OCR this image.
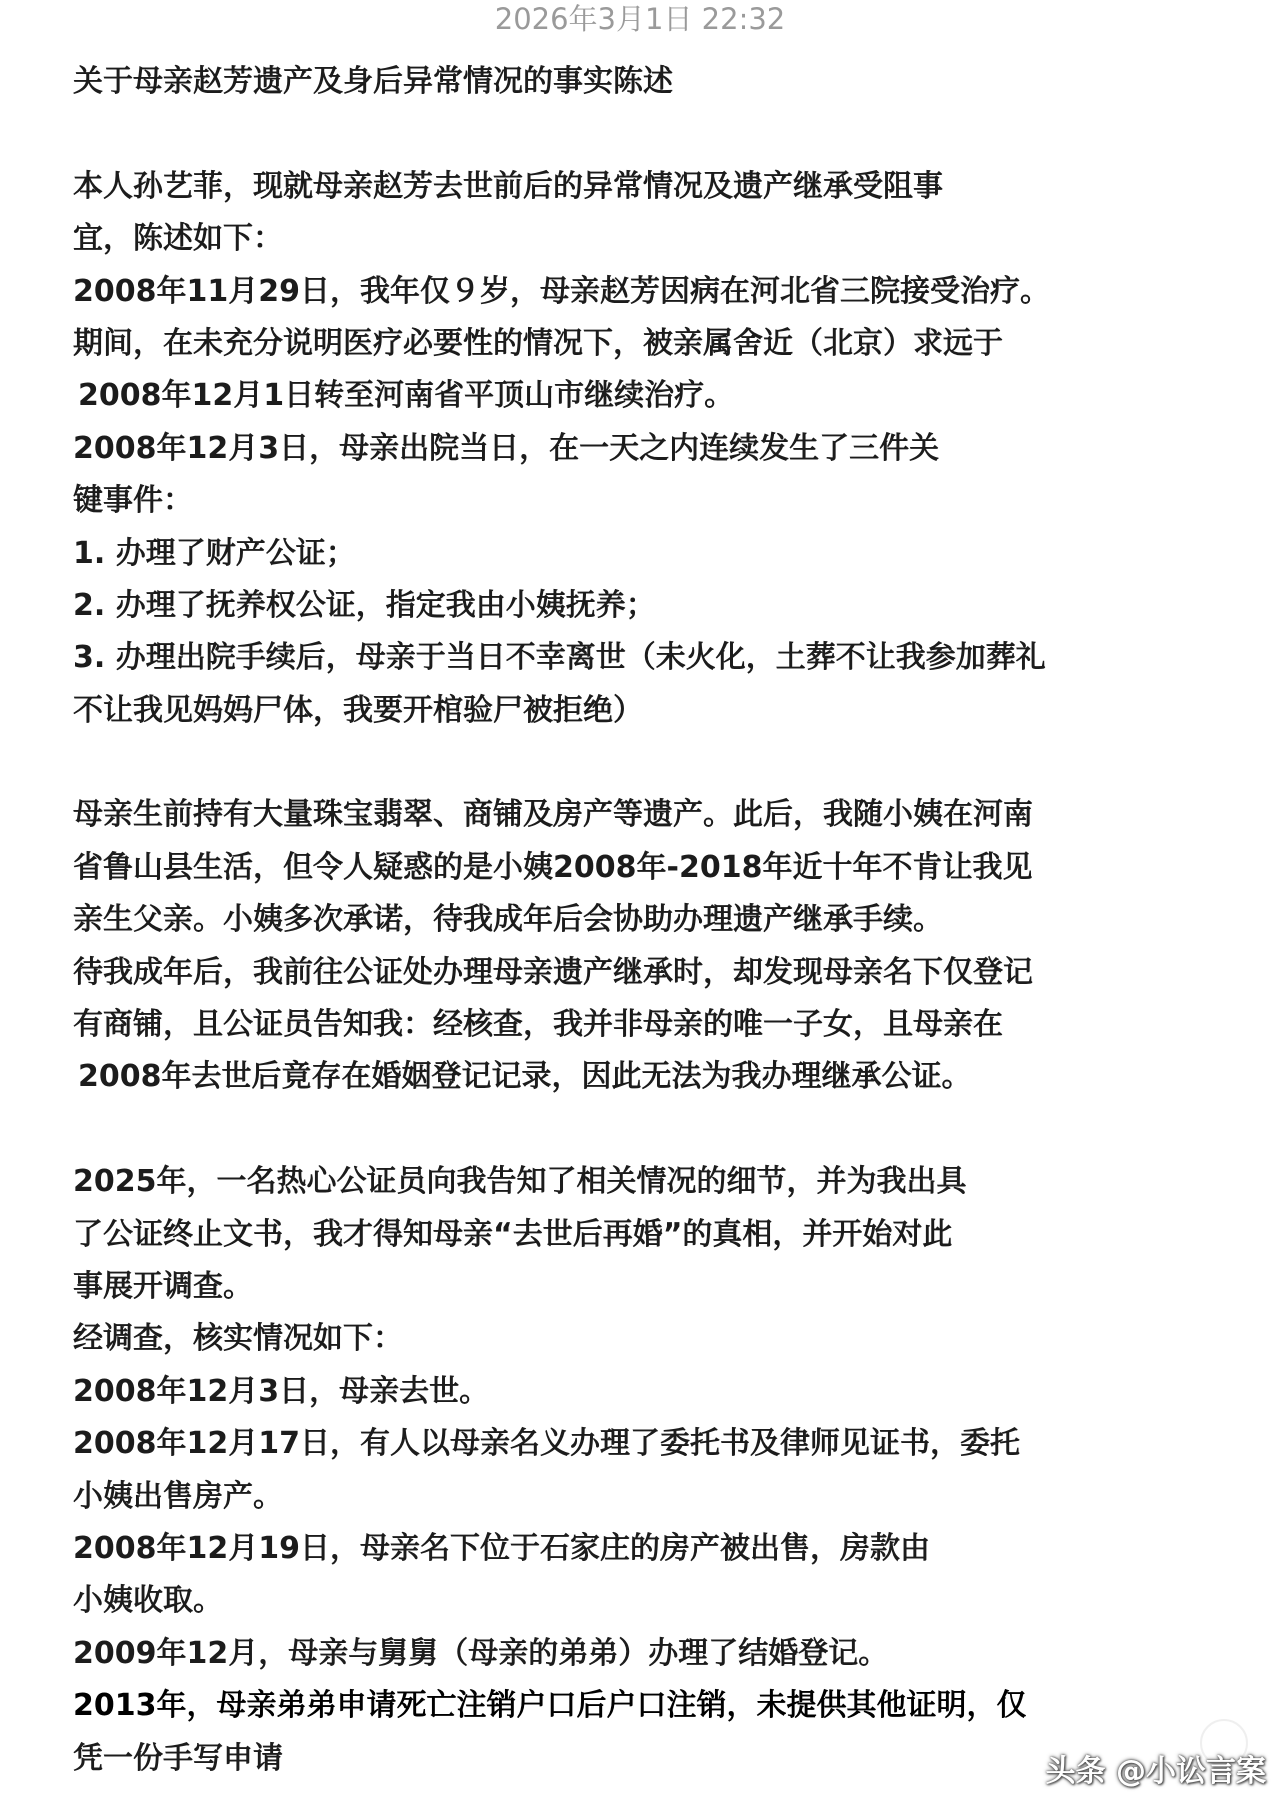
2026年3月1日 22:32
关于母亲赵芳遗产及身后异常情况的事实陈述
本人孙艺菲，现就母亲赵芳去世前后的异常情况及遗产继承受阻事
宜，陈述如下：
2008年11月29日，我年仅９岁，母亲赵芳因病在河北省三院接受治疗。
期间，在未充分说明医疗必要性的情况下，被亲属舍近（北京）求远于
2008年12月1日转至河南省平顶山市继续治疗。
2008年12月3日，母亲出院当日，在一天之内连续发生了三件关
键事件：
1. 办理了财产公证；
2. 办理了抚养权公证，指定我由小姨抚养；
3. 办理出院手续后，母亲于当日不幸离世（未火化，土葬不让我参加葬礼
不让我见妈妈尸体，我要开棺验尸被拒绝）
母亲生前持有大量珠宝翡翠、商铺及房产等遗产。此后，我随小姨在河南
省鲁山县生活，但令人疑惑的是小姨2008年-2018年近十年不肯让我见
亲生父亲。小姨多次承诺，待我成年后会协助办理遗产继承手续。
待我成年后，我前往公证处办理母亲遗产继承时，却发现母亲名下仅登记
有商铺，且公证员告知我：经核查，我并非母亲的唯一子女，且母亲在
2008年去世后竟存在婚姻登记记录，因此无法为我办理继承公证。
2025年，一名热心公证员向我告知了相关情况的细节，并为我出具
了公证终止文书，我才得知母亲“去世后再婚”的真相，并开始对此
事展开调查。
经调查，核实情况如下：
2008年12月3日，母亲去世。
2008年12月17日，有人以母亲名义办理了委托书及律师见证书，委托
小姨出售房产。
2008年12月19日，母亲名下位于石家庄的房产被出售，房款由
小姨收取。
2009年12月，母亲与舅舅（母亲的弟弟）办理了结婚登记。
2013年，母亲弟弟申请死亡注销户口后户口注销，未提供其他证明，仅
凭一份手写申请	头条 @小讼言案
